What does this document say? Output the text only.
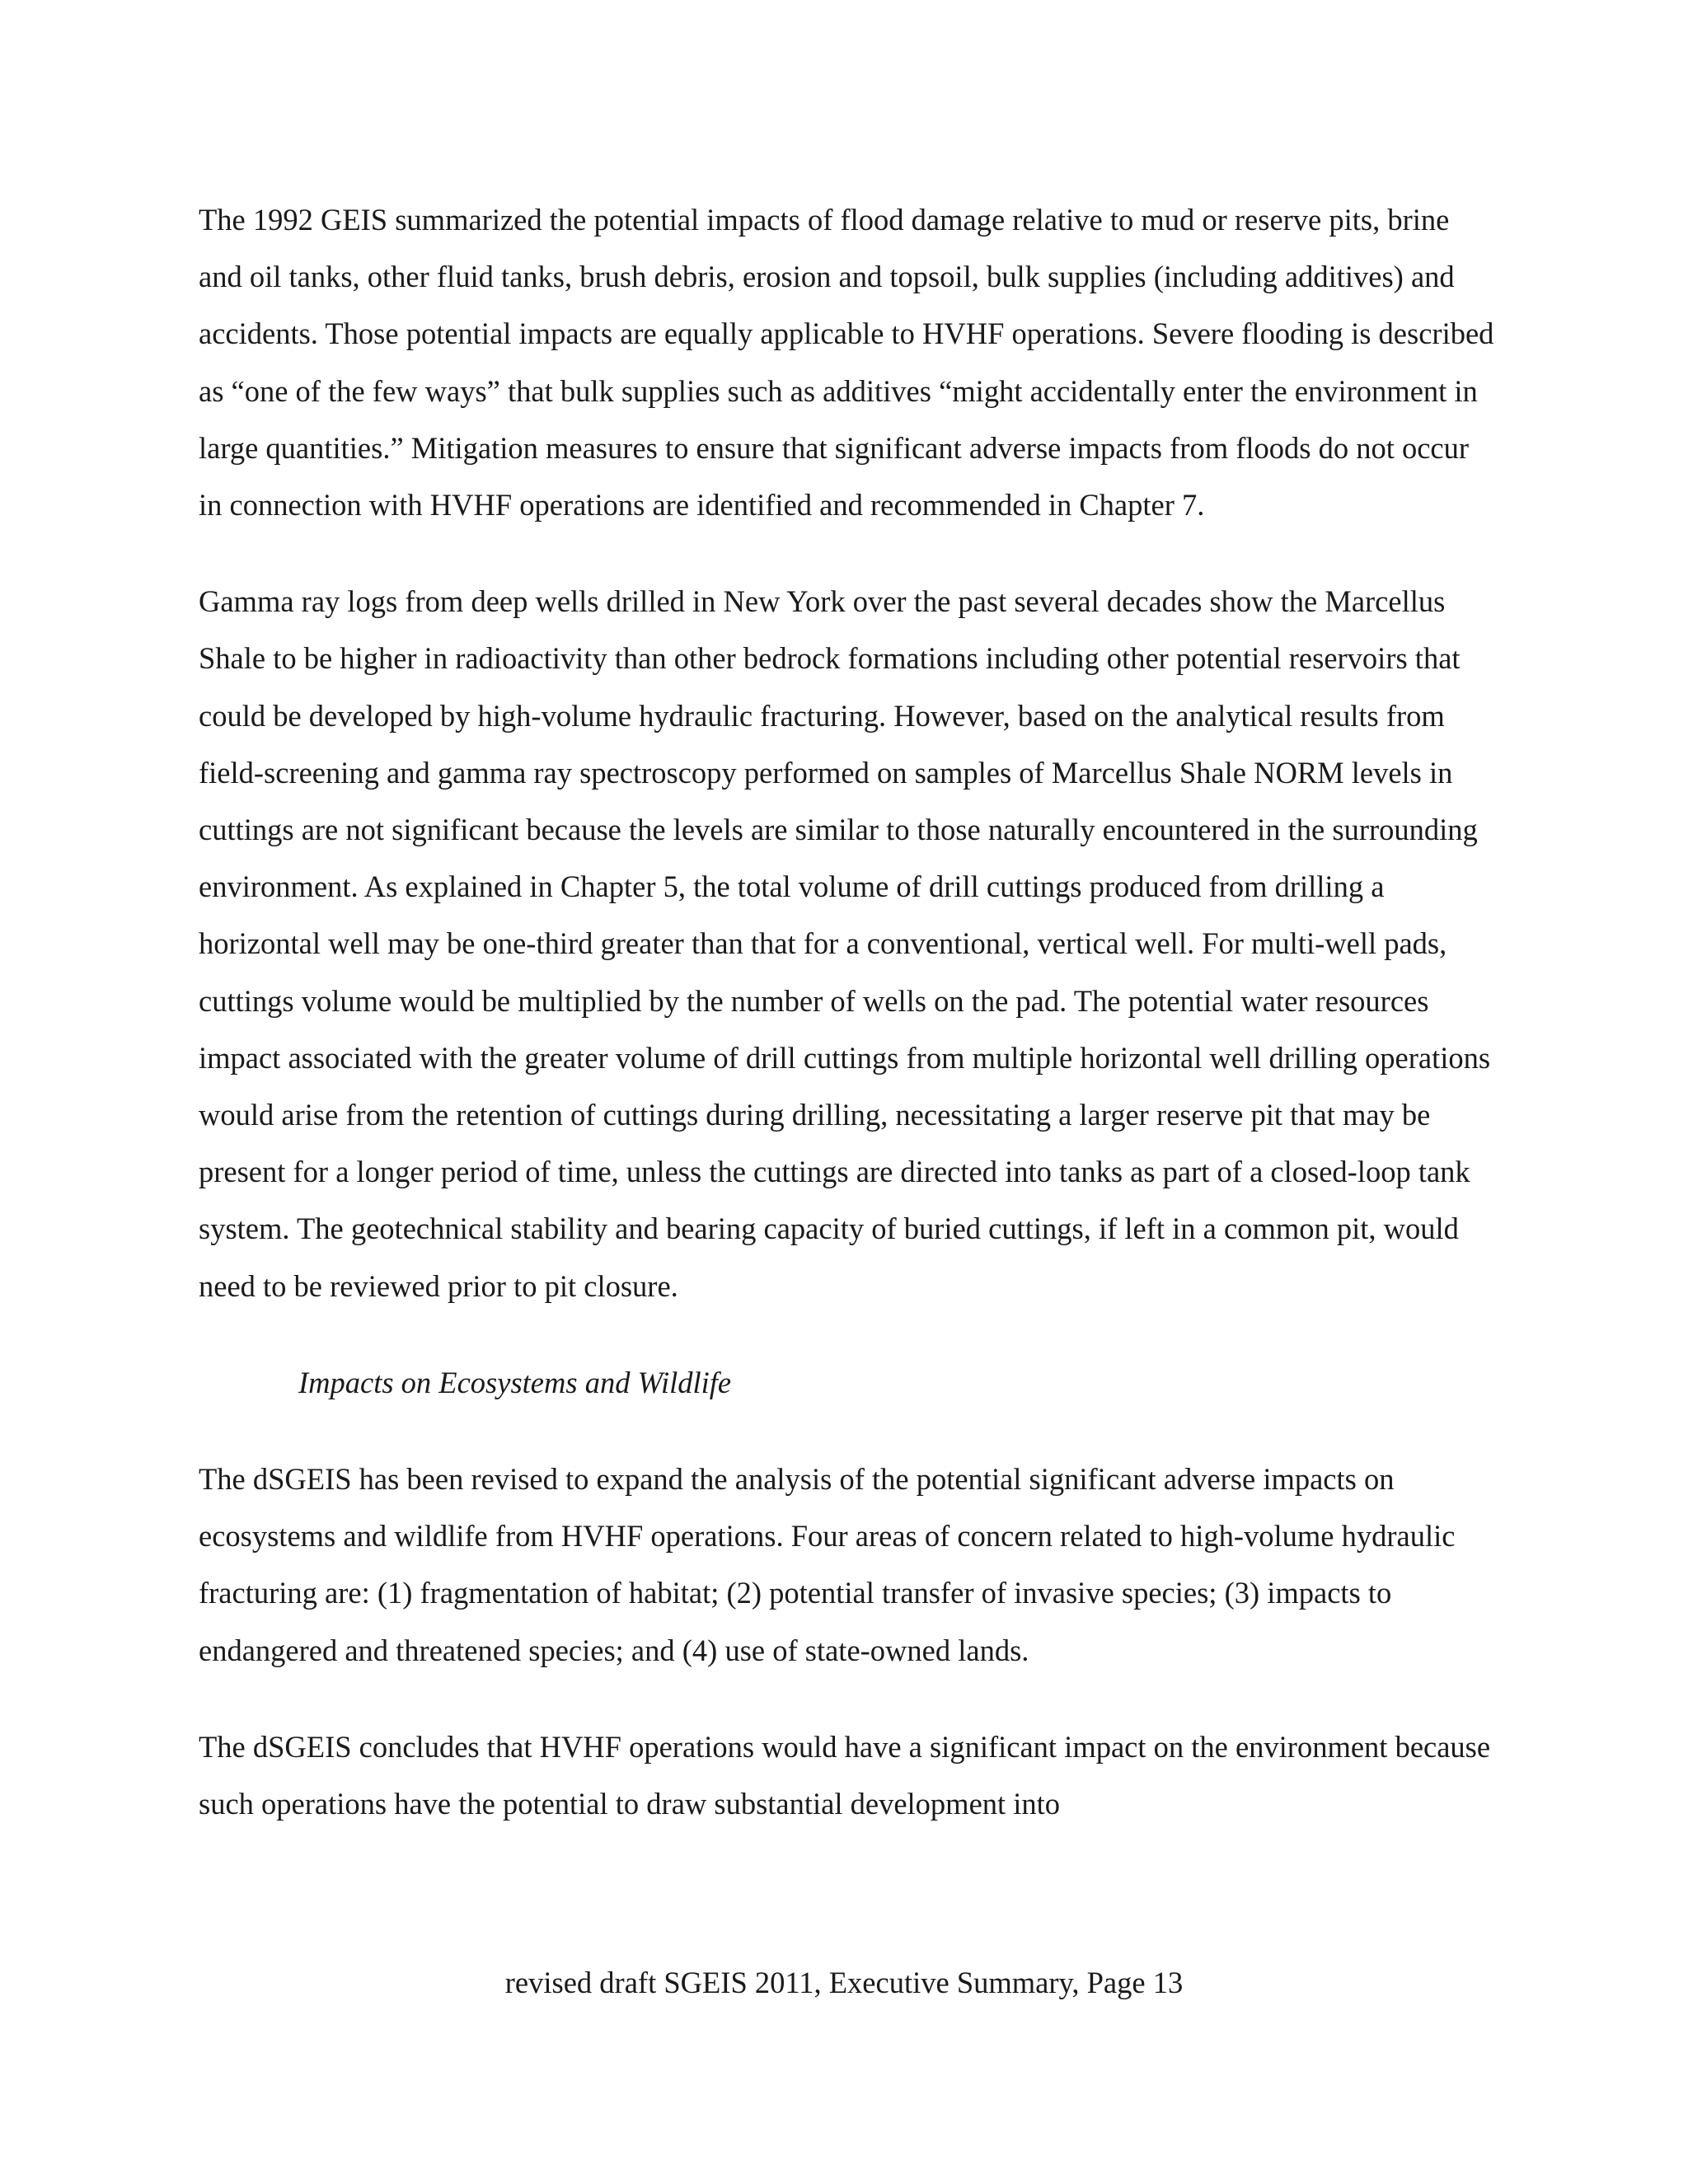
The 1992 GEIS summarized the potential impacts of flood damage relative to mud or reserve pits, brine and oil tanks, other fluid tanks, brush debris, erosion and topsoil, bulk supplies (including additives) and accidents. Those potential impacts are equally applicable to HVHF operations. Severe flooding is described as “one of the few ways” that bulk supplies such as additives “might accidentally enter the environment in large quantities.” Mitigation measures to ensure that significant adverse impacts from floods do not occur in connection with HVHF operations are identified and recommended in Chapter 7.

Gamma ray logs from deep wells drilled in New York over the past several decades show the Marcellus Shale to be higher in radioactivity than other bedrock formations including other potential reservoirs that could be developed by high-volume hydraulic fracturing. However, based on the analytical results from field-screening and gamma ray spectroscopy performed on samples of Marcellus Shale NORM levels in cuttings are not significant because the levels are similar to those naturally encountered in the surrounding environment. As explained in Chapter 5, the total volume of drill cuttings produced from drilling a horizontal well may be one-third greater than that for a conventional, vertical well. For multi-well pads, cuttings volume would be multiplied by the number of wells on the pad. The potential water resources impact associated with the greater volume of drill cuttings from multiple horizontal well drilling operations would arise from the retention of cuttings during drilling, necessitating a larger reserve pit that may be present for a longer period of time, unless the cuttings are directed into tanks as part of a closed-loop tank system. The geotechnical stability and bearing capacity of buried cuttings, if left in a common pit, would need to be reviewed prior to pit closure.

Impacts on Ecosystems and Wildlife

The dSGEIS has been revised to expand the analysis of the potential significant adverse impacts on ecosystems and wildlife from HVHF operations. Four areas of concern related to high-volume hydraulic fracturing are: (1) fragmentation of habitat; (2) potential transfer of invasive species; (3) impacts to endangered and threatened species; and (4) use of state-owned lands.

The dSGEIS concludes that HVHF operations would have a significant impact on the environment because such operations have the potential to draw substantial development into

revised draft SGEIS 2011, Executive Summary, Page 13
